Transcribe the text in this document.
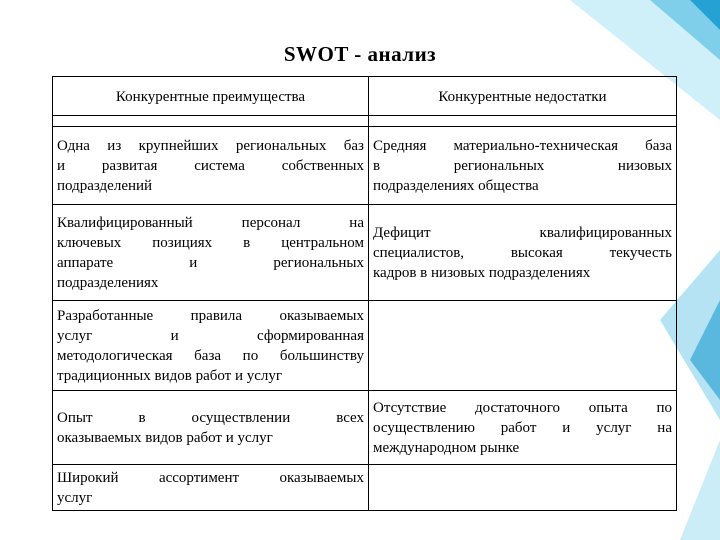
SWOT - анализ
Конкурентные преимущества	Конкурентные недостатки

Одна из крупнейших региональных баз
и развитая система собственных
подразделений	Средняя материально-техническая база
в региональных низовых
подразделениях общества

Квалифицированный персонал на
ключевых позициях в центральном
аппарате и региональных
подразделениях	Дефицит квалифицированных
специалистов, высокая текучесть
кадров в низовых подразделениях

Разработанные правила оказываемых
услуг и сформированная
методологическая база по большинству
традиционных видов работ и услуг	

Опыт в осуществлении всех
оказываемых видов работ и услуг	Отсутствие достаточного опыта по
осуществлению работ и услуг на
международном рынке

Широкий ассортимент оказываемых
услуг	
